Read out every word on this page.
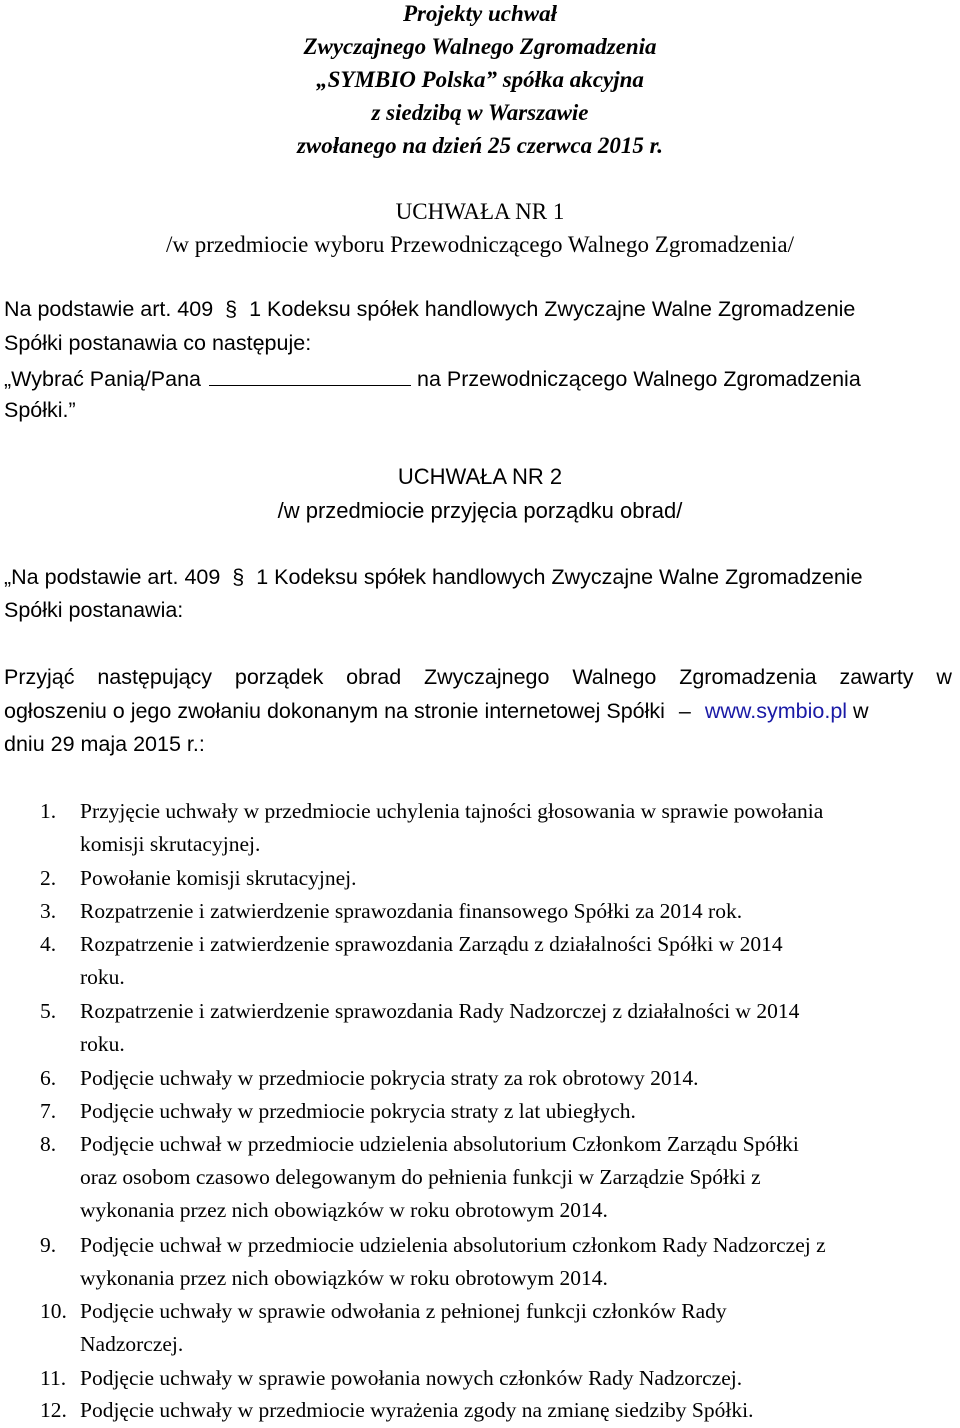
Projekty uchwał
Zwyczajnego Walnego Zgromadzenia
„SYMBIO Polska” spółka akcyjna
z siedzibą w Warszawie
zwołanego na dzień 25 czerwca 2015 r.
UCHWAŁA NR 1
/w przedmiocie wyboru Przewodniczącego Walnego Zgromadzenia/
Na podstawie art. 409 § 1 Kodeksu spółek handlowych Zwyczajne Walne Zgromadzenie
Spółki postanawia co następuje:
„Wybrać Panią/Pana	na Przewodniczącego Walnego Zgromadzenia
Spółki.”
UCHWAŁA NR 2
/w przedmiocie przyjęcia porządku obrad/
„Na podstawie art. 409 § 1 Kodeksu spółek handlowych Zwyczajne Walne Zgromadzenie
Spółki postanawia:
Przyjąć następujący porządek obrad Zwyczajnego Walnego Zgromadzenia zawarty w
ogłoszeniu o jego zwołaniu dokonanym na stronie internetowej Spółki – www.symbio.pl w
dniu 29 maja 2015 r.:
1. Przyjęcie uchwały w przedmiocie uchylenia tajności głosowania w sprawie powołania
komisji skrutacyjnej.
2. Powołanie komisji skrutacyjnej.
3. Rozpatrzenie i zatwierdzenie sprawozdania finansowego Spółki za 2014 rok.
4. Rozpatrzenie i zatwierdzenie sprawozdania Zarządu z działalności Spółki w 2014
roku.
5. Rozpatrzenie i zatwierdzenie sprawozdania Rady Nadzorczej z działalności w 2014
roku.
6. Podjęcie uchwały w przedmiocie pokrycia straty za rok obrotowy 2014.
7. Podjęcie uchwały w przedmiocie pokrycia straty z lat ubiegłych.
8. Podjęcie uchwał w przedmiocie udzielenia absolutorium Członkom Zarządu Spółki
oraz osobom czasowo delegowanym do pełnienia funkcji w Zarządzie Spółki z
wykonania przez nich obowiązków w roku obrotowym 2014.
9. Podjęcie uchwał w przedmiocie udzielenia absolutorium członkom Rady Nadzorczej z
wykonania przez nich obowiązków w roku obrotowym 2014.
10. Podjęcie uchwały w sprawie odwołania z pełnionej funkcji członków Rady
Nadzorczej.
11. Podjęcie uchwały w sprawie powołania nowych członków Rady Nadzorczej.
12. Podjęcie uchwały w przedmiocie wyrażenia zgody na zmianę siedziby Spółki.
